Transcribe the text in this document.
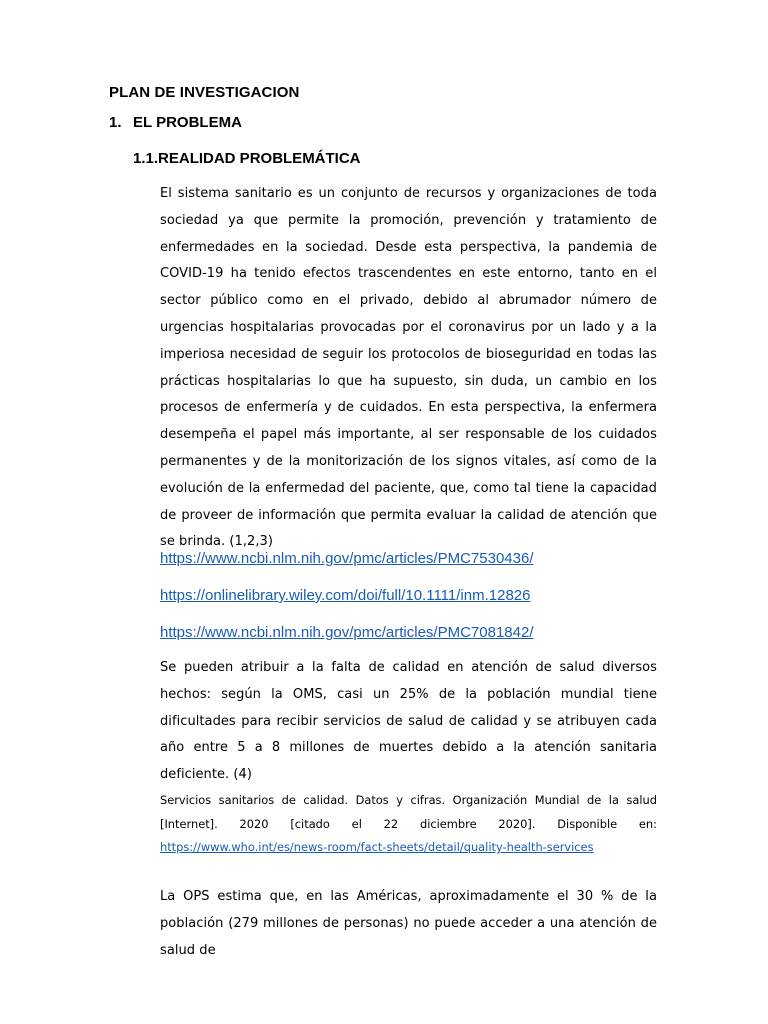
PLAN DE INVESTIGACION
1. EL PROBLEMA
1.1.REALIDAD PROBLEMÁTICA
El sistema sanitario es un conjunto de recursos y organizaciones de toda sociedad ya que permite la promoción, prevención y tratamiento de enfermedades en la sociedad. Desde esta perspectiva, la pandemia de COVID-19 ha tenido efectos trascendentes en este entorno, tanto en el sector público como en el privado, debido al abrumador número de urgencias hospitalarias provocadas por el coronavirus por un lado y a la imperiosa necesidad de seguir los protocolos de bioseguridad en todas las prácticas hospitalarias lo que ha supuesto, sin duda, un cambio en los procesos de enfermería y de cuidados. En esta perspectiva, la enfermera desempeña el papel más importante, al ser responsable de los cuidados permanentes y de la monitorización de los signos vitales, así como de la evolución de la enfermedad del paciente, que, como tal tiene la capacidad de proveer de información que permita evaluar la calidad de atención que se brinda. (1,2,3)
https://www.ncbi.nlm.nih.gov/pmc/articles/PMC7530436/
https://onlinelibrary.wiley.com/doi/full/10.1111/inm.12826
https://www.ncbi.nlm.nih.gov/pmc/articles/PMC7081842/
Se pueden atribuir a la falta de calidad en atención de salud diversos hechos: según la OMS, casi un 25% de la población mundial tiene dificultades para recibir servicios de salud de calidad y se atribuyen cada año entre 5 a 8 millones de muertes debido a la atención sanitaria deficiente. (4)
Servicios sanitarios de calidad. Datos y cifras. Organización Mundial de la salud [Internet]. 2020 [citado el 22 diciembre 2020]. Disponible en: https://www.who.int/es/news-room/fact-sheets/detail/quality-health-services
La OPS estima que, en las Américas, aproximadamente el 30 % de la población (279 millones de personas) no puede acceder a una atención de salud de
